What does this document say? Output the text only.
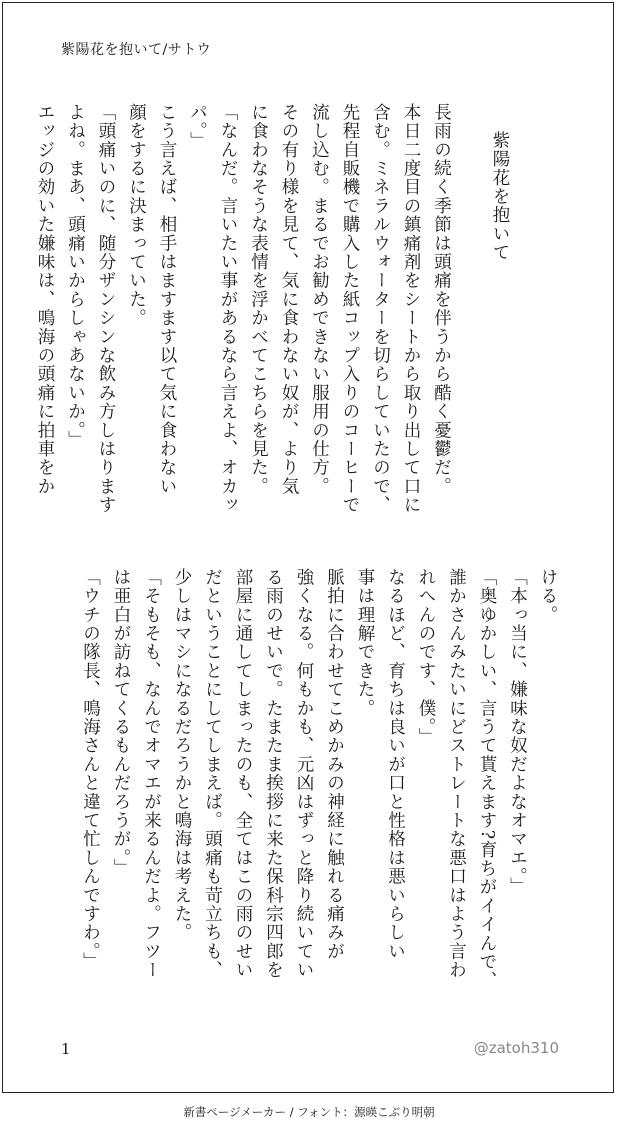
紫陽花を抱いて/サトウ
紫陽花を抱いて
長雨の続く季節は頭痛を伴うから酷く憂鬱だ。
本日二度目の鎮痛剤をシートから取り出して口に
含む。ミネラルウォーターを切らしていたので、
先程自販機で購入した紙コップ入りのコーヒーで
流し込む。まるでお勧めできない服用の仕方。
その有り様を見て、気に食わない奴が、より気
に食わなそうな表情を浮かべてこちらを見た。
「なんだ。言いたい事があるなら言えよ、オカッ
パ。」
こう言えば、相手はますます以て気に食わない
顔をするに決まっていた。
「頭痛いのに、随分ザンシンな飲み方しはります
よね。まあ、頭痛いからしゃあないか。」
エッジの効いた嫌味は、鳴海の頭痛に拍車をか
ける。
「本っ当に、嫌味な奴だよなオマエ。」
「奥ゆかしい、言うて貰えます?育ちがイイんで、
誰かさんみたいにどストレートな悪口はよう言わ
れへんのです、僕。」
なるほど、育ちは良いが口と性格は悪いらしい
事は理解できた。
脈拍に合わせてこめかみの神経に触れる痛みが
強くなる。何もかも、元凶はずっと降り続いてい
る雨のせいで。たまたま挨拶に来た保科宗四郎を
部屋に通してしまったのも、全てはこの雨のせい
だということにしてしまえば。頭痛も苛立ちも、
少しはマシになるだろうかと鳴海は考えた。
「そもそも、なんでオマエが来るんだよ。フツー
は亜白が訪ねてくるもんだろうが。」
「ウチの隊長、鳴海さんと違て忙しんですわ。」
1	@zatoh310
新書ページメーカー / フォント：源暎こぶり明朝
